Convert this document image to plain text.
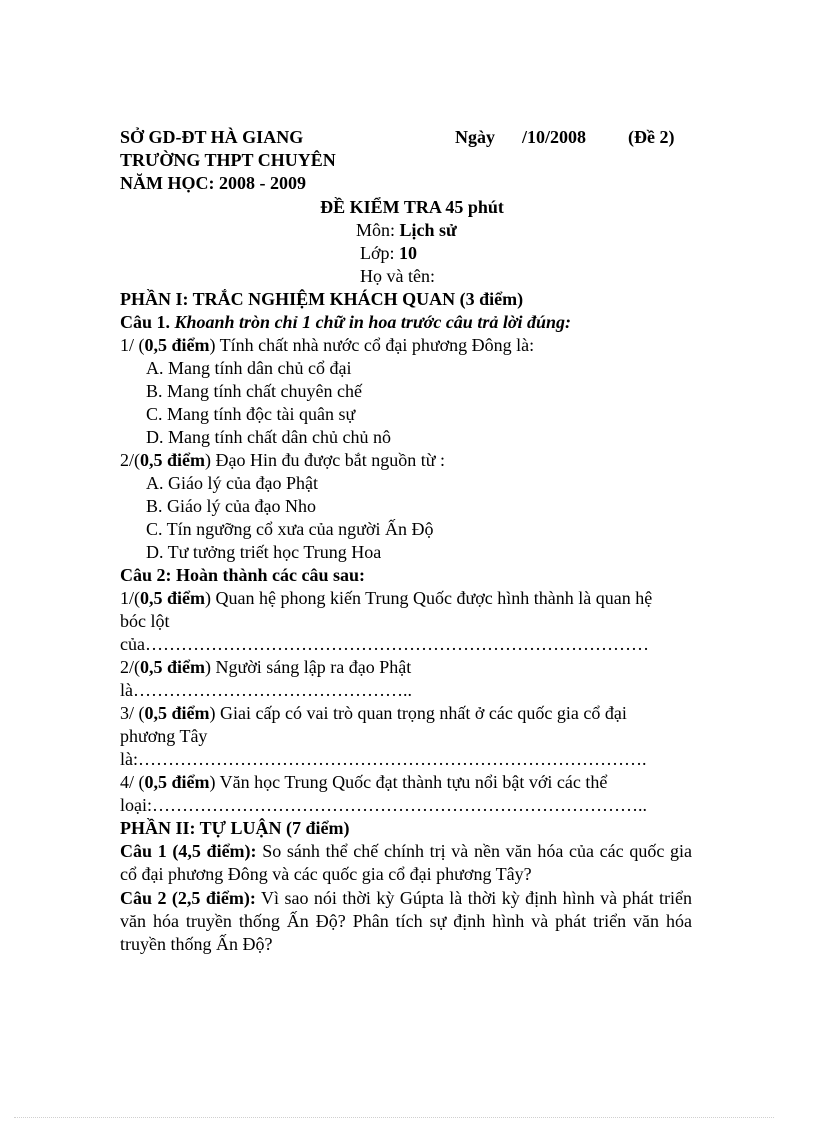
SỞ GD-ĐT HÀ GIANG	Ngày      /10/2008 (Đề 2)
TRƯỜNG THPT CHUYÊN
NĂM HỌC: 2008 - 2009
ĐỀ KIỂM TRA 45 phút
Môn: Lịch sử
Lớp: 10
Họ và tên:
PHẦN I: TRẮC NGHIỆM KHÁCH QUAN (3 điểm)
Câu 1. Khoanh tròn chỉ 1 chữ in hoa trước câu trả lời đúng:
1/ (0,5 điểm) Tính chất nhà nước cổ đại phương Đông là:
A. Mang tính dân chủ cổ đại
B. Mang tính chất chuyên chế
C. Mang tính độc tài quân sự
D. Mang tính chất dân chủ chủ nô
2/(0,5 điểm) Đạo Hin đu được bắt nguồn từ :
A. Giáo lý của đạo Phật
B. Giáo lý của đạo Nho
C. Tín ngưỡng cổ xưa của người Ấn Độ
D. Tư tưởng triết học Trung Hoa
Câu 2: Hoàn thành các câu sau:
1/(0,5 điểm) Quan hệ phong kiến Trung Quốc được hình thành là quan hệ bóc lột
của…………………………………………………………………………
2/(0,5 điểm) Người sáng lập ra đạo Phật
là………………………………………..
3/ (0,5 điểm) Giai cấp có vai trò quan trọng nhất ở các quốc gia cổ đại phương Tây
là:………………………………………………………………………….
4/ (0,5 điểm) Văn học Trung Quốc đạt thành tựu nổi bật với các thể
loại:………………………………………………………………………..
PHẦN II: TỰ LUẬN (7 điểm)
Câu 1 (4,5 điểm): So sánh thể chế chính trị và nền văn hóa của các quốc gia cổ đại phương Đông và các quốc gia cổ đại phương Tây?
Câu 2 (2,5 điểm): Vì sao nói thời kỳ Gúpta là thời kỳ định hình và phát triển văn hóa truyền thống Ấn Độ? Phân tích sự định hình và phát triển văn hóa truyền thống Ấn Độ?
